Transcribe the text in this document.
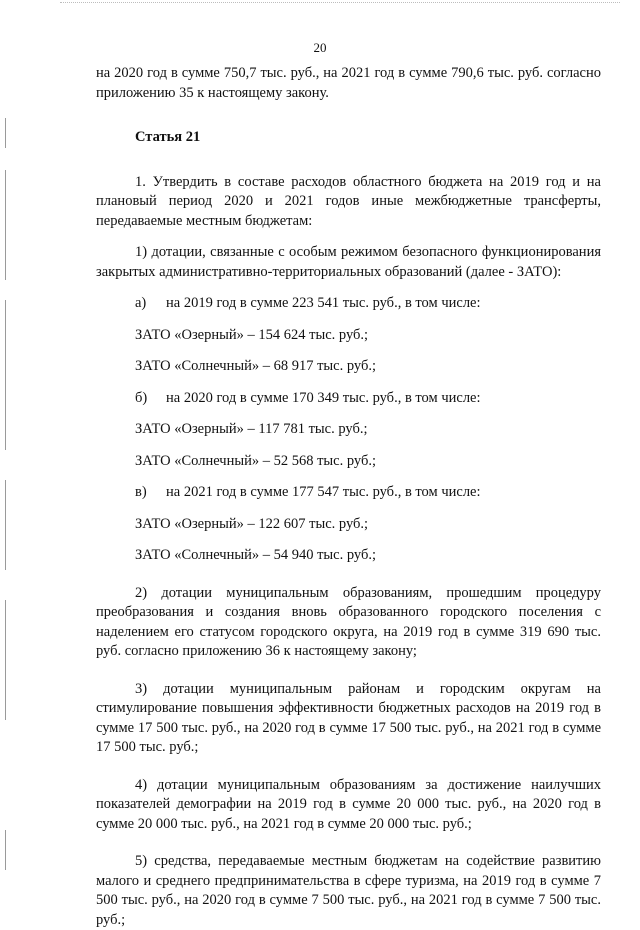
20

на 2020 год в сумме 750,7 тыс. руб., на 2021 год в сумме 790,6 тыс. руб. согласно приложению 35 к настоящему закону.

Статья 21

1. Утвердить в составе расходов областного бюджета на 2019 год и на плановый период 2020 и 2021 годов иные межбюджетные трансферты, передаваемые местным бюджетам:

1) дотации, связанные с особым режимом безопасного функционирования закрытых административно-территориальных образований (далее - ЗАТО):

а) на 2019 год в сумме 223 541 тыс. руб., в том числе:

ЗАТО «Озерный» – 154 624 тыс. руб.;

ЗАТО «Солнечный» – 68 917 тыс. руб.;

б) на 2020 год в сумме 170 349 тыс. руб., в том числе:

ЗАТО «Озерный» – 117 781 тыс. руб.;

ЗАТО «Солнечный» – 52 568 тыс. руб.;

в) на 2021 год в сумме 177 547 тыс. руб., в том числе:

ЗАТО «Озерный» – 122 607 тыс. руб.;

ЗАТО «Солнечный» – 54 940 тыс. руб.;

2) дотации муниципальным образованиям, прошедшим процедуру преобразования и создания вновь образованного городского поселения с наделением его статусом городского округа, на 2019 год в сумме 319 690 тыс. руб. согласно приложению 36 к настоящему закону;

3) дотации муниципальным районам и городским округам на стимулирование повышения эффективности бюджетных расходов на 2019 год в сумме 17 500 тыс. руб., на 2020 год в сумме 17 500 тыс. руб., на 2021 год в сумме 17 500 тыс. руб.;

4) дотации муниципальным образованиям за достижение наилучших показателей демографии на 2019 год в сумме 20 000 тыс. руб., на 2020 год в сумме 20 000 тыс. руб., на 2021 год в сумме 20 000 тыс. руб.;

5) средства, передаваемые местным бюджетам на содействие развитию малого и среднего предпринимательства в сфере туризма, на 2019 год в сумме 7 500 тыс. руб., на 2020 год в сумме 7 500 тыс. руб., на 2021 год в сумме 7 500 тыс. руб.;
